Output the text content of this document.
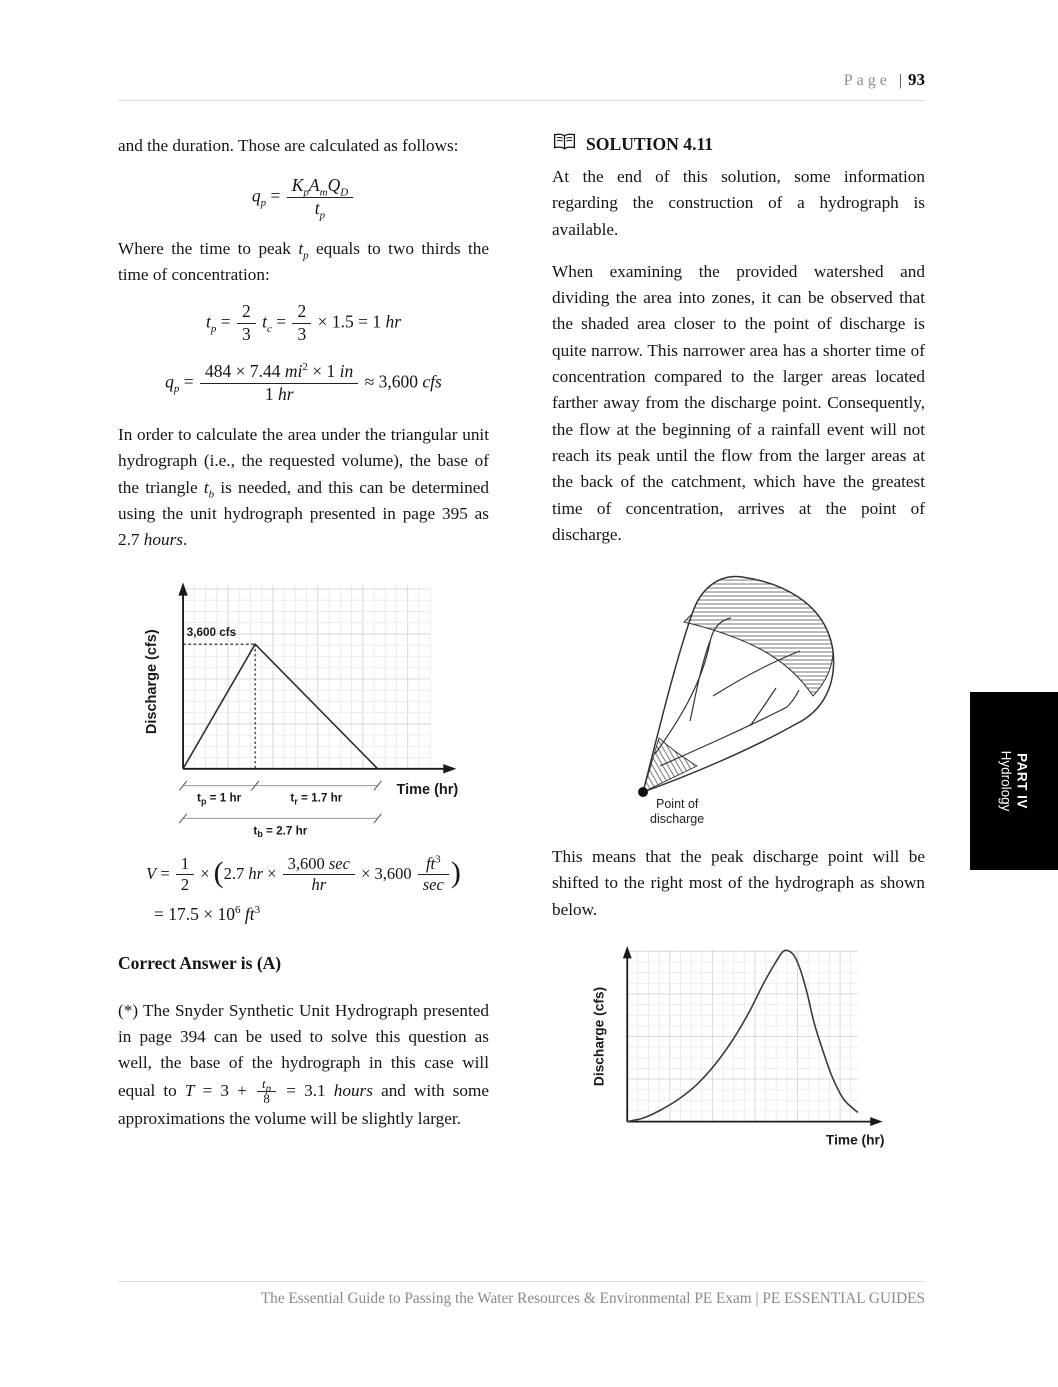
Page | 93
and the duration. Those are calculated as follows:
$q_p = \frac{K_pA_mQ_D}{t_p}$
Where the time to peak $t_p$ equals to two thirds the time of concentration:
$t_p = \frac{2}{3} t_c = \frac{2}{3} \times 1.5 = 1$ hr
$q_p = \frac{484 \times 7.44 mi^2 \times 1 in}{1 hr} \approx 3,600$ cfs
In order to calculate the area under the triangular unit hydrograph (i.e., the requested volume), the base of the triangle $t_b$ is needed, and this can be determined using the unit hydrograph presented in page 395 as 2.7 hours.
3,600 cfs
Discharge (cfs)
Time (hr)
$t_p = 1$ hr	$t_r = 1.7$ hr
$t_b = 2.7$ hr
$V = \frac{1}{2} \times (2.7$ hr × $\frac{3,600 \sec}{hr} \times 3,600 \frac{ft^3}{\sec}$ )
= $17.5 \times 10^6$ $ft^3$
Correct Answer is (A)
(*) The Snyder Synthetic Unit Hydrograph presented in page 394 can be used to solve this question as well, the base of the hydrograph in this case will equal to $T = 3 + \frac{t_p}{8} = 3.1$ hours and with some approximations the volume will be slightly larger.
SOLUTION 4.11
At the end of this solution, some information regarding the construction of a hydrograph is available.
When examining the provided watershed and dividing the area into zones, it can be observed that the shaded area closer to the point of discharge is quite narrow. This narrower area has a shorter time of concentration compared to the larger areas located farther away from the discharge point. Consequently, the flow at the beginning of a rainfall event will not reach its peak until the flow from the larger areas at the back of the catchment, which have the greatest time of concentration, arrives at the point of discharge.
Point of
discharge
This means that the peak discharge point will be shifted to the right most of the hydrograph as shown below.
Discharge (cfs)
Time (hr)
PART IV
Hydrology
The Essential Guide to Passing the Water Resources & Environmental PE Exam | PE ESSENTIAL GUIDES
